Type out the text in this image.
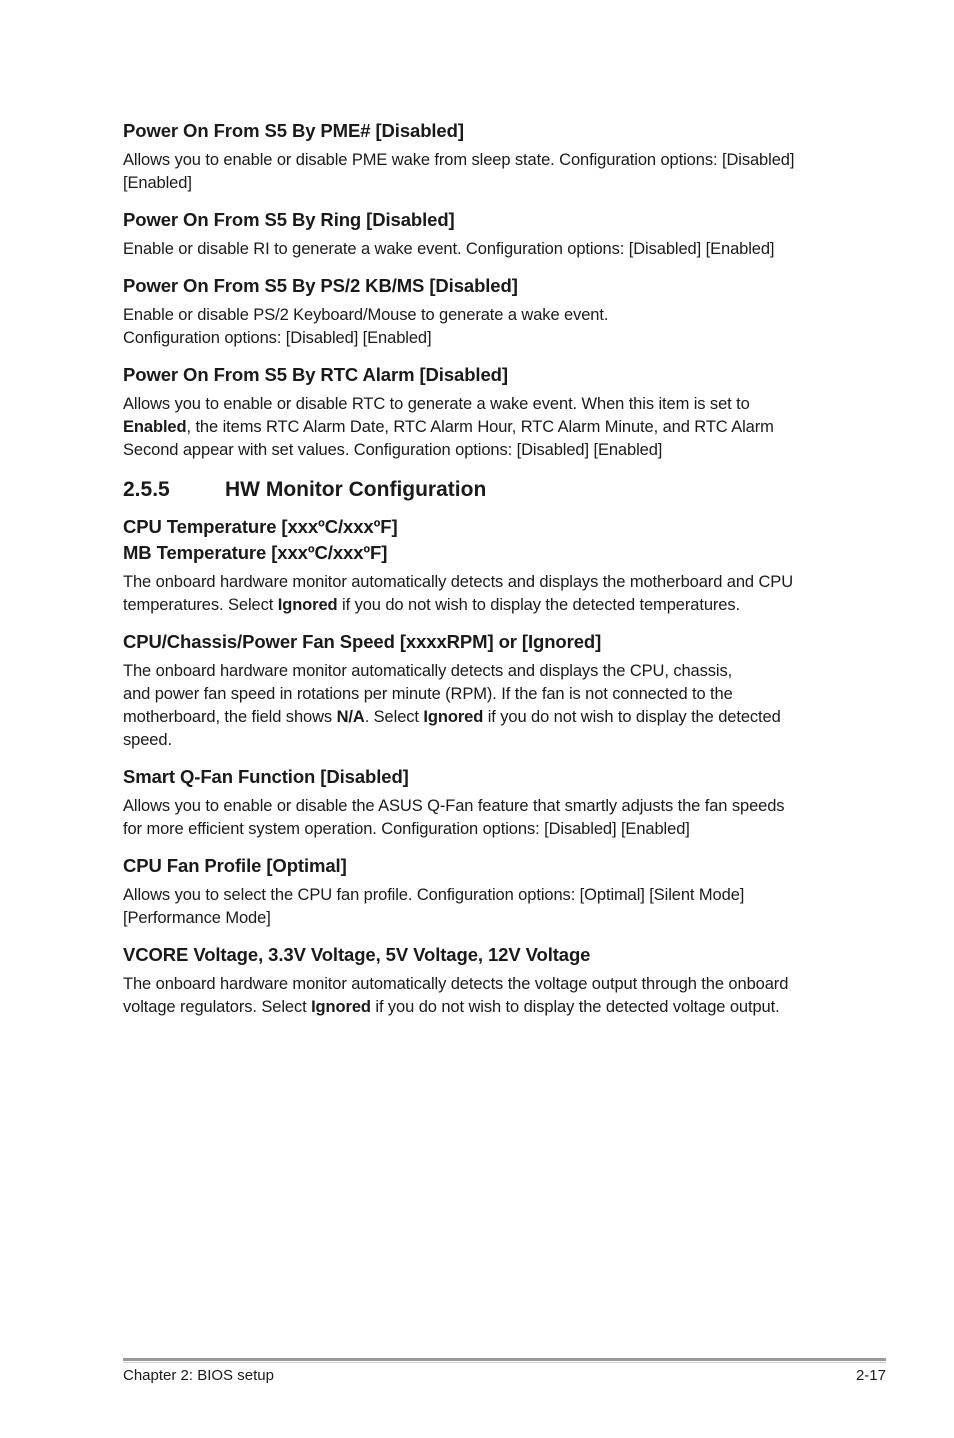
Power On From S5 By PME# [Disabled]
Allows you to enable or disable PME wake from sleep state. Configuration options: [Disabled]
[Enabled]
Power On From S5 By Ring [Disabled]
Enable or disable RI to generate a wake event. Configuration options: [Disabled] [Enabled]
Power On From S5 By PS/2 KB/MS [Disabled]
Enable or disable PS/2 Keyboard/Mouse to generate a wake event.
Configuration options: [Disabled] [Enabled]
Power On From S5 By RTC Alarm [Disabled]
Allows you to enable or disable RTC to generate a wake event. When this item is set to
Enabled, the items RTC Alarm Date, RTC Alarm Hour, RTC Alarm Minute, and RTC Alarm
Second appear with set values. Configuration options: [Disabled] [Enabled]
2.5.5	HW Monitor Configuration
CPU Temperature [xxxºC/xxxºF]
MB Temperature [xxxºC/xxxºF]
The onboard hardware monitor automatically detects and displays the motherboard and CPU
temperatures. Select Ignored if you do not wish to display the detected temperatures.
CPU/Chassis/Power Fan Speed [xxxxRPM] or [Ignored]
The onboard hardware monitor automatically detects and displays the CPU, chassis,
and power fan speed in rotations per minute (RPM). If the fan is not connected to the
motherboard, the field shows N/A. Select Ignored if you do not wish to display the detected
speed.
Smart Q-Fan Function [Disabled]
Allows you to enable or disable the ASUS Q-Fan feature that smartly adjusts the fan speeds
for more efficient system operation. Configuration options: [Disabled] [Enabled]
CPU Fan Profile [Optimal]
Allows you to select the CPU fan profile. Configuration options: [Optimal] [Silent Mode]
[Performance Mode]
VCORE Voltage, 3.3V Voltage, 5V Voltage, 12V Voltage
The onboard hardware monitor automatically detects the voltage output through the onboard
voltage regulators. Select Ignored if you do not wish to display the detected voltage output.
Chapter 2: BIOS setup	2-17
